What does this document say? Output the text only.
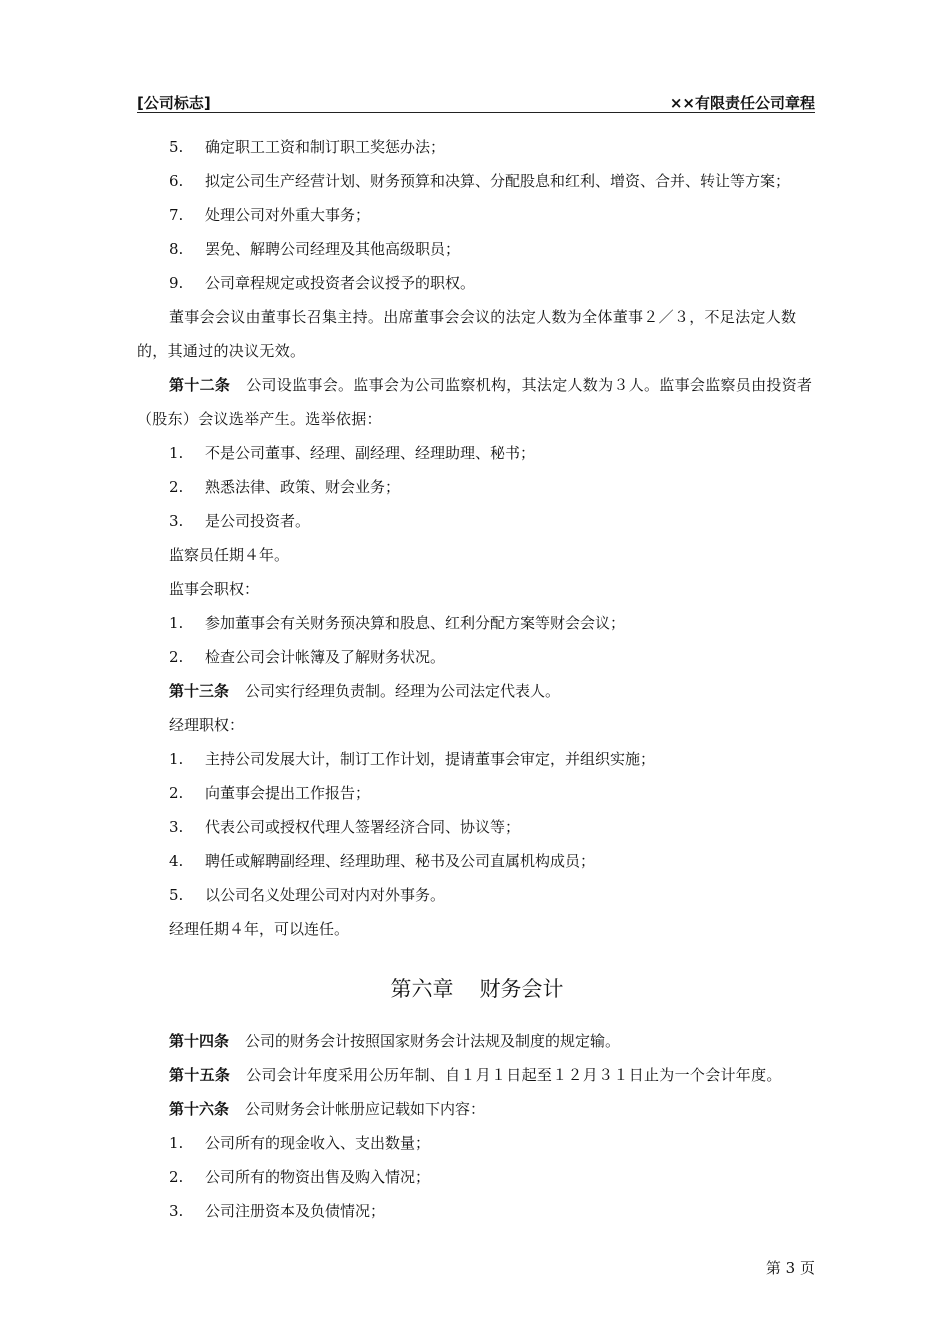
[公司标志]	××有限责任公司章程
5. 确定职工工资和制订职工奖惩办法；
6. 拟定公司生产经营计划、财务预算和决算、分配股息和红利、增资、合并、转让等方案；
7. 处理公司对外重大事务；
8. 罢免、解聘公司经理及其他高级职员；
9. 公司章程规定或投资者会议授予的职权。
董事会会议由董事长召集主持。出席董事会会议的法定人数为全体董事２／３，不足法定人数的，其通过的决议无效。
第十二条 公司设监事会。监事会为公司监察机构，其法定人数为３人。监事会监察员由投资者（股东）会议选举产生。选举依据：
1. 不是公司董事、经理、副经理、经理助理、秘书；
2. 熟悉法律、政策、财会业务；
3. 是公司投资者。
监察员任期４年。
监事会职权：
1. 参加董事会有关财务预决算和股息、红利分配方案等财会会议；
2. 检查公司会计帐簿及了解财务状况。
第十三条 公司实行经理负责制。经理为公司法定代表人。
经理职权：
1. 主持公司发展大计，制订工作计划，提请董事会审定，并组织实施；
2. 向董事会提出工作报告；
3. 代表公司或授权代理人签署经济合同、协议等；
4. 聘任或解聘副经理、经理助理、秘书及公司直属机构成员；
5. 以公司名义处理公司对内对外事务。
经理任期４年，可以连任。
第六章 财务会计
第十四条 公司的财务会计按照国家财务会计法规及制度的规定输。
第十五条 公司会计年度采用公历年制、自１月１日起至１２月３１日止为一个会计年度。
第十六条 公司财务会计帐册应记载如下内容：
1. 公司所有的现金收入、支出数量；
2. 公司所有的物资出售及购入情况；
3. 公司注册资本及负债情况；
第 3 页
